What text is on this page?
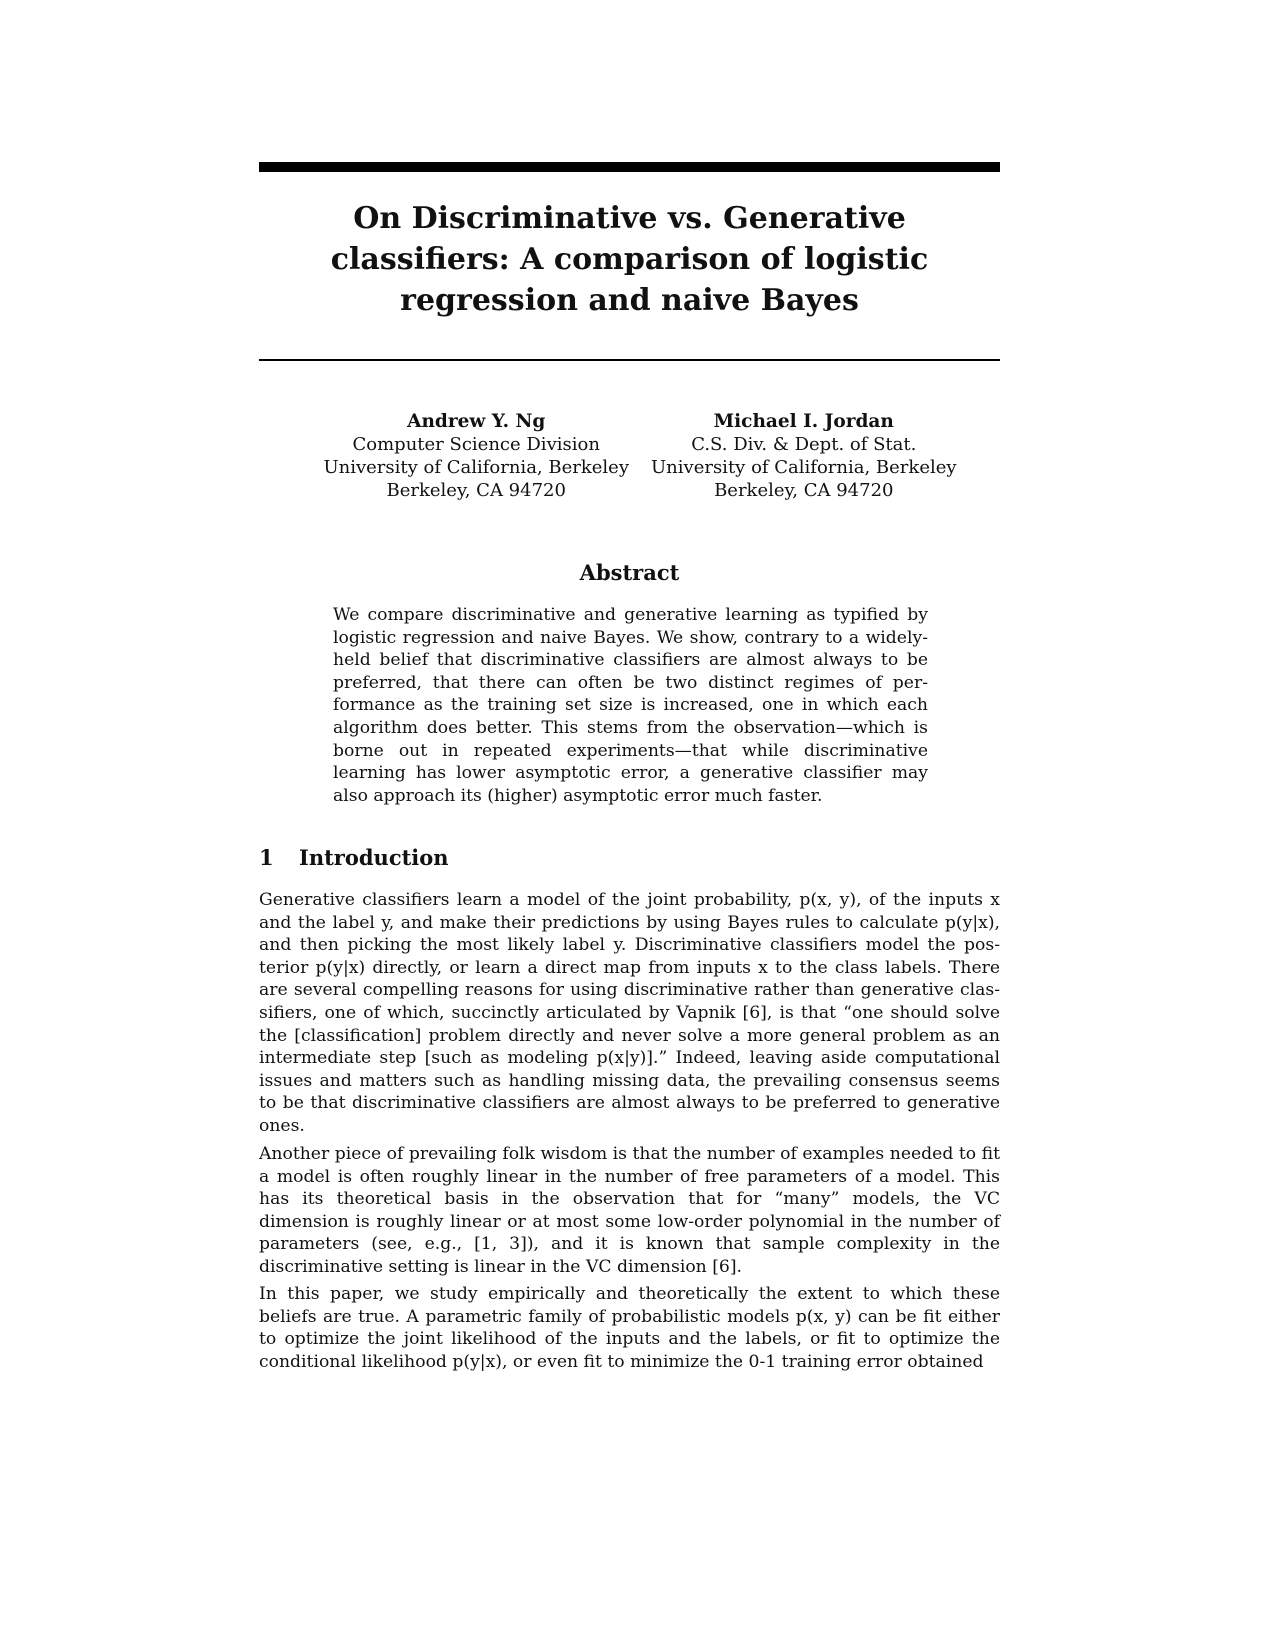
On Discriminative vs. Generative
classifiers: A comparison of logistic
regression and naive Bayes
Andrew Y. Ng
Computer Science Division
University of California, Berkeley
Berkeley, CA 94720
Michael I. Jordan
C.S. Div. & Dept. of Stat.
University of California, Berkeley
Berkeley, CA 94720
Abstract

We compare discriminative and generative learning as typified by logistic regression and naive Bayes. We show, contrary to a widelyheld belief that discriminative classifiers are almost always to be preferred, that there can often be two distinct regimes of performance as the training set size is increased, one in which each algorithm does better. This stems from the observation—which is borne out in repeated experiments—that while discriminative learning has lower asymptotic error, a generative classifier may also approach its (higher) asymptotic error much faster.

1 Introduction

Generative classifiers learn a model of the joint probability, p(x, y), of the inputs x and the label y, and make their predictions by using Bayes rules to calculate p(y|x), and then picking the most likely label y. Discriminative classifiers model the posterior p(y|x) directly, or learn a direct map from inputs x to the class labels. There are several compelling reasons for using discriminative rather than generative classifiers, one of which, succinctly articulated by Vapnik [6], is that “one should solve the [classification] problem directly and never solve a more general problem as an intermediate step [such as modeling p(x|y)].” Indeed, leaving aside computational issues and matters such as handling missing data, the prevailing consensus seems to be that discriminative classifiers are almost always to be preferred to generative ones.

Another piece of prevailing folk wisdom is that the number of examples needed to fit a model is often roughly linear in the number of free parameters of a model. This has its theoretical basis in the observation that for “many” models, the VC dimension is roughly linear or at most some low-order polynomial in the number of parameters (see, e.g., [1, 3]), and it is known that sample complexity in the discriminative setting is linear in the VC dimension [6].

In this paper, we study empirically and theoretically the extent to which these beliefs are true. A parametric family of probabilistic models p(x, y) can be fit either to optimize the joint likelihood of the inputs and the labels, or fit to optimize the conditional likelihood p(y|x), or even fit to minimize the 0-1 training error obtained
